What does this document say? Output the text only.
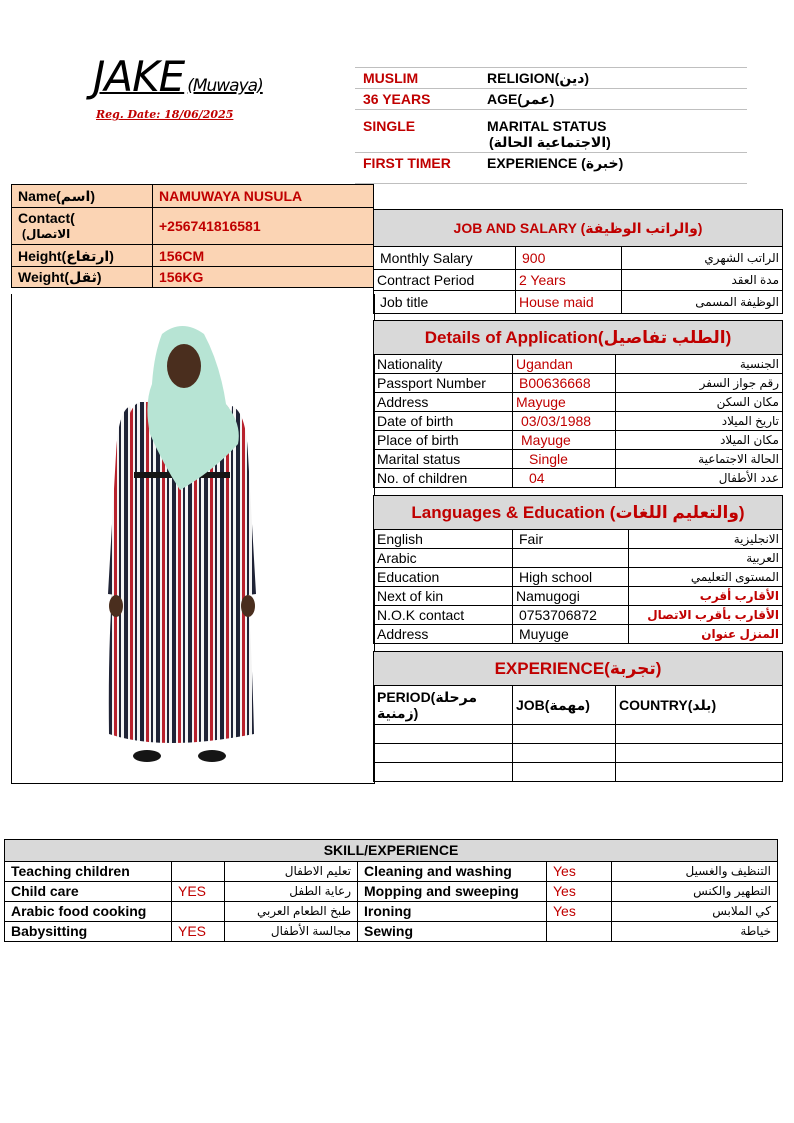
JAKE (Muwaya)
Reg. Date: 18/06/2025
MUSLIM	RELIGION(دين)
36 YEARS	AGE(عمر)
SINGLE	MARITAL STATUS
(الاجتماعية الحالة)

FIRST TIMER	EXPERIENCE (خبرة)
Name(اسم)	NAMUWAYA NUSULA

Contact(
(الاتصال	+256741816581
Height(ارتفاع)	156CM
Weight(ثقل)	156KG
JOB AND SALARY (والراتب الوظيفة)		
Monthly Salary	900	الراتب الشهري
Contract Period	2 Years	مدة العقد
Job title	House maid	الوظيفة المسمى
Details of Application(الطلب تفاصيل)		
Nationality	Ugandan	الجنسية
Passport Number	B00636668	رقم جواز السفر
Address	Mayuge	مكان السكن
Date of birth	03/03/1988	تاريخ الميلاد
Place of birth	Mayuge	مكان الميلاد
Marital status	Single	الحالة الاجتماعية
No. of children	04	عدد الأطفال
Languages & Education (والتعليم اللغات)		
English	Fair	الانجليزية
Arabic		العربية
Education	High school	المستوى التعليمي
Next of kin	Namugogi	الأقارب أقرب
N.O.K contact	0753706872	الأقارب بأقرب الاتصال
Address	Muyuge	المنزل عنوان
EXPERIENCE(تجربة)		
PERIOD(مرحلة زمنية)	JOB(مهمة)	COUNTRY(بلد)

SKILL/EXPERIENCE					
Teaching children		تعليم الاطفال	Cleaning and washing	Yes	التنظيف والغسيل
Child care	YES	رعاية الطفل	Mopping and sweeping	Yes	التطهير والكنس
Arabic food cooking		طبخ الطعام العربي	Ironing	Yes	كي الملابس
Babysitting	YES	مجالسة الأطفال	Sewing		خياطة
